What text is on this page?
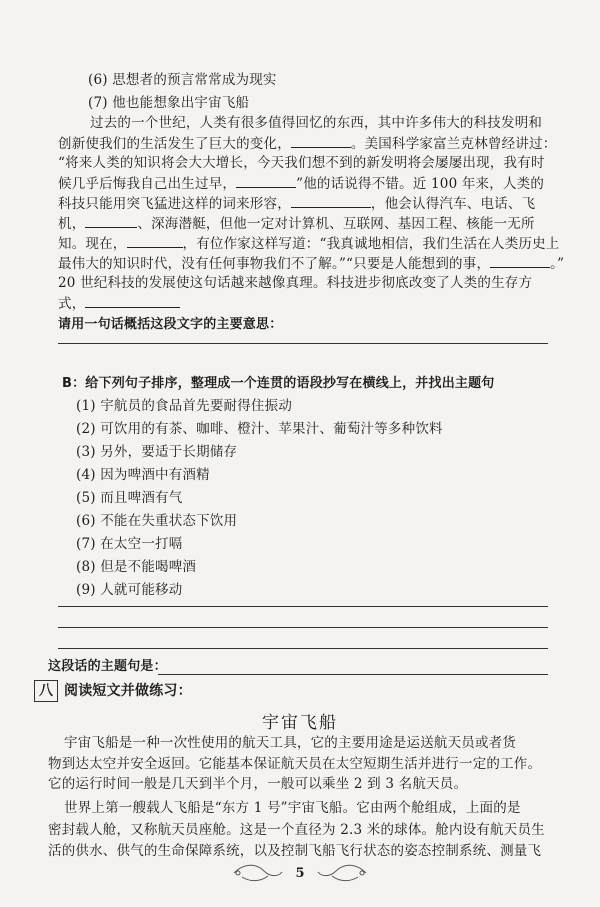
(6) 思想者的预言常常成为现实
(7) 他也能想象出宇宙飞船
过去的一个世纪，人类有很多值得回忆的东西，其中许多伟大的科技发明和
创新使我们的生活发生了巨大的变化，	。美国科学家富兰克林曾经讲过：
“将来人类的知识将会大大增长，今天我们想不到的新发明将会屡屡出现，我有时
候几乎后悔我自己出生过早，	”他的话说得不错。近 100 年来，人类的
科技只能用突飞猛进这样的词来形容，	，他会认得汽车、电话、飞
机，	、深海潜艇，但他一定对计算机、互联网、基因工程、核能一无所
知。现在，	，有位作家这样写道：“我真诚地相信，我们生活在人类历史上
最伟大的知识时代，没有任何事物我们不了解。”“只要是人能想到的事，	。”
20 世纪科技的发展使这句话越来越像真理。科技进步彻底改变了人类的生存方
式，
请用一句话概括这段文字的主要意思：
B：给下列句子排序，整理成一个连贯的语段抄写在横线上，并找出主题句
(1) 宇航员的食品首先要耐得住振动
(2) 可饮用的有茶、咖啡、橙汁、苹果汁、葡萄汁等多种饮料
(3) 另外，要适于长期储存
(4) 因为啤酒中有酒精
(5) 而且啤酒有气
(6) 不能在失重状态下饮用
(7) 在太空一打嗝
(8) 但是不能喝啤酒
(9) 人就可能移动
这段话的主题句是：
八 阅读短文并做练习：
宇宙飞船
宇宙飞船是一种一次性使用的航天工具，它的主要用途是运送航天员或者货
物到达太空并安全返回。它能基本保证航天员在太空短期生活并进行一定的工作。
它的运行时间一般是几天到半个月，一般可以乘坐 2 到 3 名航天员。
世界上第一艘载人飞船是“东方 1 号”宇宙飞船。它由两个舱组成，上面的是
密封载人舱，又称航天员座舱。这是一个直径为 2.3 米的球体。舱内设有航天员生
活的供水、供气的生命保障系统，以及控制飞船飞行状态的姿态控制系统、测量飞
5
